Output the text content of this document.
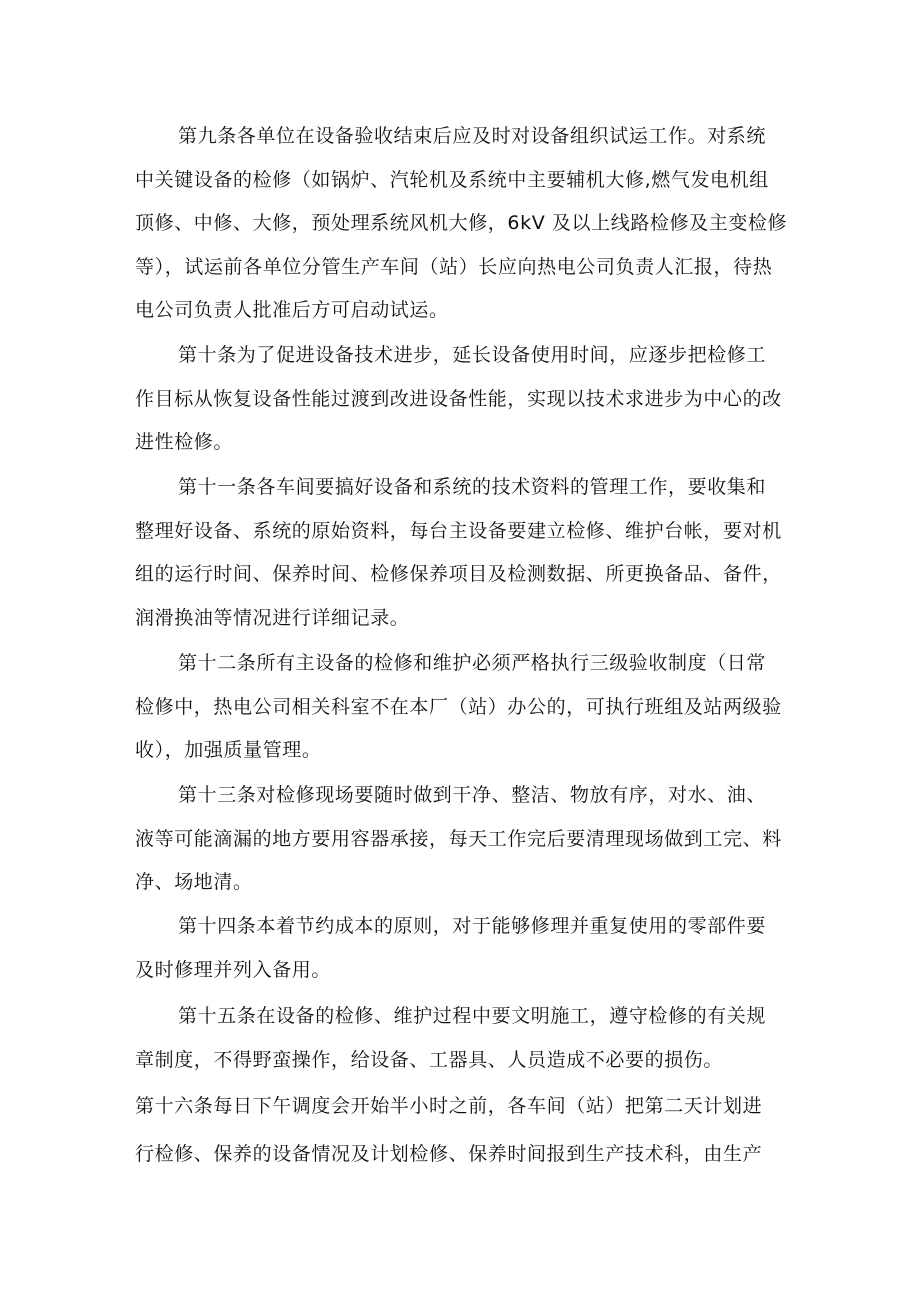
第九条各单位在设备验收结束后应及时对设备组织试运工作。对系统
中关键设备的检修（如锅炉、汽轮机及系统中主要辅机大修,燃气发电机组
顶修、中修、大修，预处理系统风机大修，6kV 及以上线路检修及主变检修
等），试运前各单位分管生产车间（站）长应向热电公司负责人汇报，待热
电公司负责人批准后方可启动试运。
第十条为了促进设备技术进步，延长设备使用时间，应逐步把检修工
作目标从恢复设备性能过渡到改进设备性能，实现以技术求进步为中心的改
进性检修。
第十一条各车间要搞好设备和系统的技术资料的管理工作，要收集和
整理好设备、系统的原始资料，每台主设备要建立检修、维护台帐，要对机
组的运行时间、保养时间、检修保养项目及检测数据、所更换备品、备件，
润滑换油等情况进行详细记录。
第十二条所有主设备的检修和维护必须严格执行三级验收制度（日常
检修中，热电公司相关科室不在本厂（站）办公的，可执行班组及站两级验
收），加强质量管理。
第十三条对检修现场要随时做到干净、整洁、物放有序，对水、油、
液等可能滴漏的地方要用容器承接，每天工作完后要清理现场做到工完、料
净、场地清。
第十四条本着节约成本的原则，对于能够修理并重复使用的零部件要
及时修理并列入备用。
第十五条在设备的检修、维护过程中要文明施工，遵守检修的有关规
章制度，不得野蛮操作，给设备、工器具、人员造成不必要的损伤。
第十六条每日下午调度会开始半小时之前，各车间（站）把第二天计划进
行检修、保养的设备情况及计划检修、保养时间报到生产技术科，由生产
